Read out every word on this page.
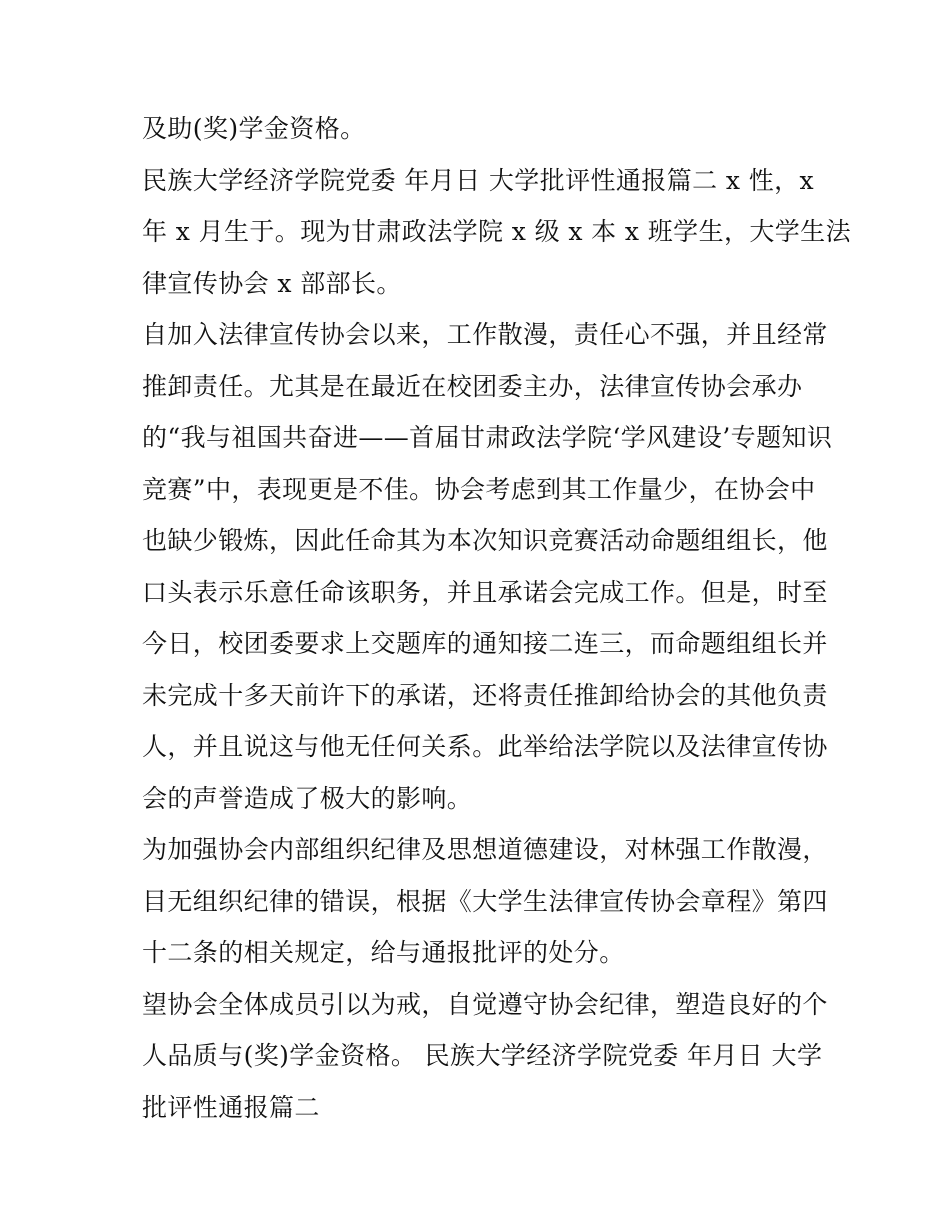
及助(奖)学金资格。
民族大学经济学院党委 年月日 大学批评性通报篇二 x 性，x
年 x 月生于。现为甘肃政法学院 x 级 x 本 x 班学生，大学生法
律宣传协会 x 部部长。
自加入法律宣传协会以来，工作散漫，责任心不强，并且经常
推卸责任。尤其是在最近在校团委主办，法律宣传协会承办
的“我与祖国共奋进——首届甘肃政法学院‘学风建设’专题知识
竞赛”中，表现更是不佳。协会考虑到其工作量少，在协会中
也缺少锻炼，因此任命其为本次知识竞赛活动命题组组长，他
口头表示乐意任命该职务，并且承诺会完成工作。但是，时至
今日，校团委要求上交题库的通知接二连三，而命题组组长并
未完成十多天前许下的承诺，还将责任推卸给协会的其他负责
人，并且说这与他无任何关系。此举给法学院以及法律宣传协
会的声誉造成了极大的影响。
为加强协会内部组织纪律及思想道德建设，对林强工作散漫，
目无组织纪律的错误，根据《大学生法律宣传协会章程》第四
十二条的相关规定，给与通报批评的处分。
望协会全体成员引以为戒，自觉遵守协会纪律，塑造良好的个
人品质与(奖)学金资格。 民族大学经济学院党委 年月日 大学
批评性通报篇二
